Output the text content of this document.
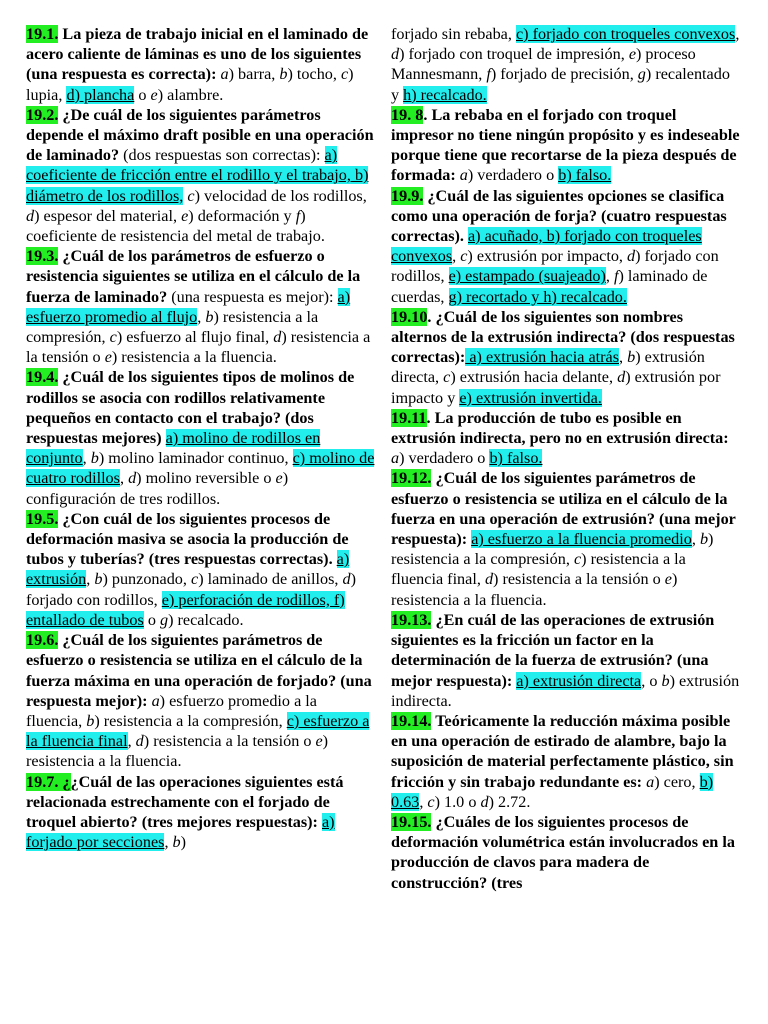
19.1. La pieza de trabajo inicial en el laminado de acero caliente de láminas es uno de los siguientes (una respuesta es correcta): a) barra, b) tocho, c) lupia, d) plancha o e) alambre.

19.2. ¿De cuál de los siguientes parámetros depende el máximo draft posible en una operación de laminado? (dos respuestas son correctas): a) coeficiente de fricción entre el rodillo y el trabajo, b) diámetro de los rodillos, c) velocidad de los rodillos, d) espesor del material, e) deformación y f) coeficiente de resistencia del metal de trabajo.

19.3. ¿Cuál de los parámetros de esfuerzo o resistencia siguientes se utiliza en el cálculo de la fuerza de laminado? (una respuesta es mejor): a) esfuerzo promedio al flujo, b) resistencia a la compresión, c) esfuerzo al flujo final, d) resistencia a la tensión o e) resistencia a la fluencia.

19.4. ¿Cuál de los siguientes tipos de molinos de rodillos se asocia con rodillos relativamente pequeños en contacto con el trabajo? (dos respuestas mejores) a) molino de rodillos en conjunto, b) molino laminador continuo, c) molino de cuatro rodillos, d) molino reversible o e) configuración de tres rodillos.

19.5. ¿Con cuál de los siguientes procesos de deformación masiva se asocia la producción de tubos y tuberías? (tres respuestas correctas). a) extrusión, b) punzonado, c) laminado de anillos, d) forjado con rodillos, e) perforación de rodillos, f) entallado de tubos o g) recalcado.

19.6. ¿Cuál de los siguientes parámetros de esfuerzo o resistencia se utiliza en el cálculo de la fuerza máxima en una operación de forjado? (una respuesta mejor): a) esfuerzo promedio a la fluencia, b) resistencia a la compresión, c) esfuerzo a la fluencia final, d) resistencia a la tensión o e) resistencia a la fluencia.

19.7. ¿¿Cuál de las operaciones siguientes está relacionada estrechamente con el forjado de troquel abierto? (tres mejores respuestas): a) forjado por secciones, b)

forjado sin rebaba, c) forjado con troqueles convexos, d) forjado con troquel de impresión, e) proceso Mannesmann, f) forjado de precisión, g) recalentado y h) recalcado.

19. 8. La rebaba en el forjado con troquel impresor no tiene ningún propósito y es indeseable porque tiene que recortarse de la pieza después de formada: a) verdadero o b) falso.

19.9. ¿Cuál de las siguientes opciones se clasifica como una operación de forja? (cuatro respuestas correctas). a) acuñado, b) forjado con troqueles convexos, c) extrusión por impacto, d) forjado con rodillos, e) estampado (suajeado), f) laminado de cuerdas, g) recortado y h) recalcado.

19.10. ¿Cuál de los siguientes son nombres alternos de la extrusión indirecta? (dos respuestas correctas): a) extrusión hacia atrás, b) extrusión directa, c) extrusión hacia delante, d) extrusión por impacto y e) extrusión invertida.

19.11. La producción de tubo es posible en extrusión indirecta, pero no en extrusión directa: a) verdadero o b) falso.

19.12. ¿Cuál de los siguientes parámetros de esfuerzo o resistencia se utiliza en el cálculo de la fuerza en una operación de extrusión? (una mejor respuesta): a) esfuerzo a la fluencia promedio, b) resistencia a la compresión, c) resistencia a la fluencia final, d) resistencia a la tensión o e) resistencia a la fluencia.

19.13. ¿En cuál de las operaciones de extrusión siguientes es la fricción un factor en la determinación de la fuerza de extrusión? (una mejor respuesta): a) extrusión directa, o b) extrusión indirecta.

19.14. Teóricamente la reducción máxima posible en una operación de estirado de alambre, bajo la suposición de material perfectamente plástico, sin fricción y sin trabajo redundante es: a) cero, b) 0.63, c) 1.0 o d) 2.72.

19.15. ¿Cuáles de los siguientes procesos de deformación volumétrica están involucrados en la producción de clavos para madera de construcción? (tres
